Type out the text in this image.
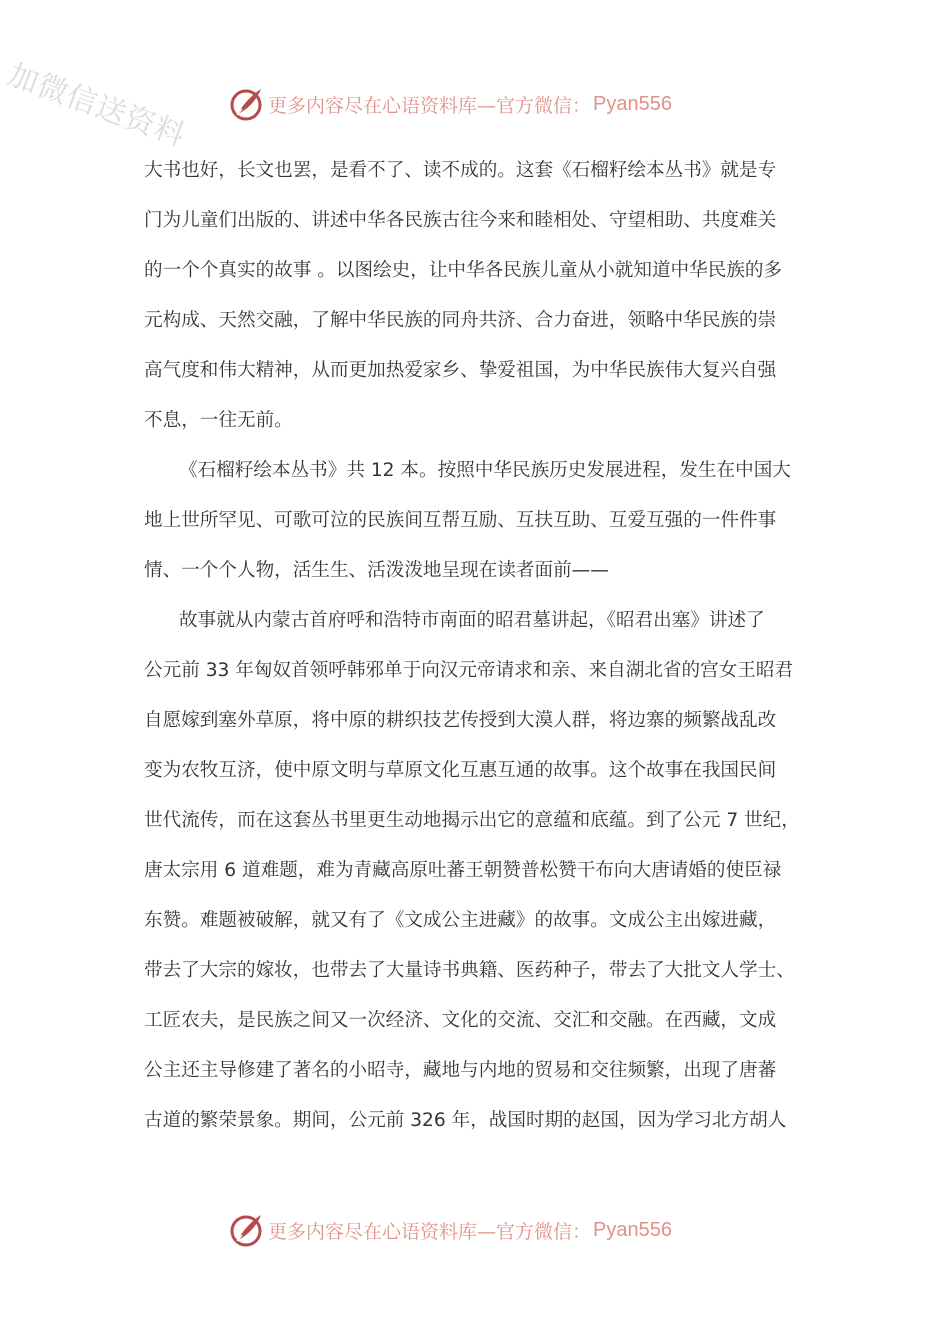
加微信送资料	更多内容尽在心语资料库—官方微信： Pyan556
大书也好，长文也罢，是看不了、读不成的。这套《石榴籽绘本丛书》就是专
门为儿童们出版的、讲述中华各民族古往今来和睦相处、守望相助、共度难关
的一个个真实的故事 。以图绘史，让中华各民族儿童从小就知道中华民族的多
元构成、天然交融，了解中华民族的同舟共济、合力奋进，领略中华民族的崇
高气度和伟大精神，从而更加热爱家乡、挚爱祖国，为中华民族伟大复兴自强
不息，一往无前。
《石榴籽绘本丛书》共 12 本。按照中华民族历史发展进程，发生在中国大
地上世所罕见、可歌可泣的民族间互帮互励、互扶互助、互爱互强的一件件事
情、一个个人物，活生生、活泼泼地呈现在读者面前——
故事就从内蒙古首府呼和浩特市南面的昭君墓讲起，《昭君出塞》讲述了
公元前 33 年匈奴首领呼韩邪单于向汉元帝请求和亲、来自湖北省的宫女王昭君
自愿嫁到塞外草原，将中原的耕织技艺传授到大漠人群，将边寨的频繁战乱改
变为农牧互济，使中原文明与草原文化互惠互通的故事。这个故事在我国民间
世代流传，而在这套丛书里更生动地揭示出它的意蕴和底蕴。到了公元 7 世纪，
唐太宗用 6 道难题，难为青藏高原吐蕃王朝赞普松赞干布向大唐请婚的使臣禄
东赞。难题被破解，就又有了《文成公主进藏》的故事。文成公主出嫁进藏，
带去了大宗的嫁妆，也带去了大量诗书典籍、医药种子，带去了大批文人学士、
工匠农夫，是民族之间又一次经济、文化的交流、交汇和交融。在西藏，文成
公主还主导修建了著名的小昭寺，藏地与内地的贸易和交往频繁，出现了唐蕃
古道的繁荣景象。期间，公元前 326 年，战国时期的赵国，因为学习北方胡人
更多内容尽在心语资料库—官方微信： Pyan556
